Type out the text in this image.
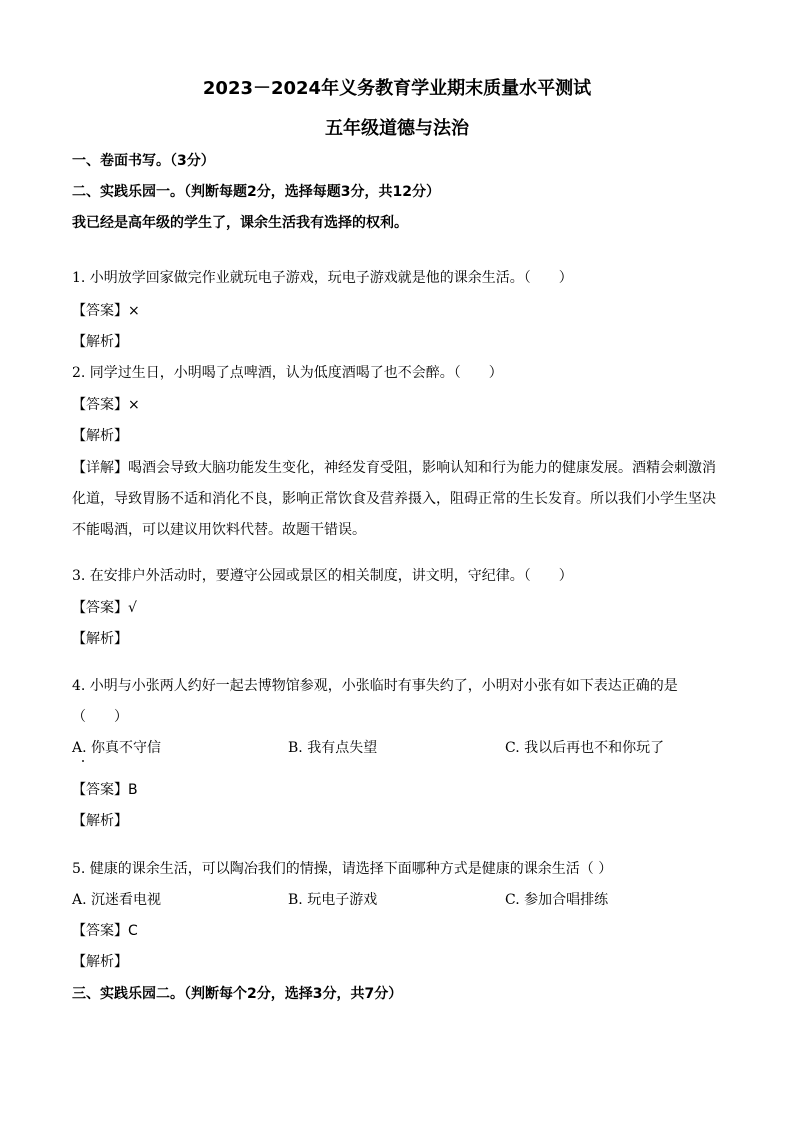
2023－2024年义务教育学业期末质量水平测试
五年级道德与法治
一、卷面书写。（3分）
二、实践乐园一。（判断每题2分，选择每题3分，共12分）
我已经是高年级的学生了，课余生活我有选择的权利。
1. 小明放学回家做完作业就玩电子游戏，玩电子游戏就是他的课余生活。（　　）
【答案】×
【解析】
2. 同学过生日，小明喝了点啤酒，认为低度酒喝了也不会醉。（　　）
【答案】×
【解析】
【详解】喝酒会导致大脑功能发生变化，神经发育受阻，影响认知和行为能力的健康发展。酒精会刺激消
化道，导致胃肠不适和消化不良，影响正常饮食及营养摄入，阻碍正常的生长发育。所以我们小学生坚决
不能喝酒，可以建议用饮料代替。故题干错误。
3. 在安排户外活动时，要遵守公园或景区的相关制度，讲文明，守纪律。（　　）
【答案】√
【解析】
4. 小明与小张两人约好一起去博物馆参观，小张临时有事失约了，小明对小张有如下表达正确的是
（　　）
A. 你真不守信	B. 我有点失望	C. 我以后再也不和你玩了
【答案】B
【解析】
5. 健康的课余生活，可以陶冶我们的情操，请选择下面哪种方式是健康的课余生活（ ）
A. 沉迷看电视	B. 玩电子游戏	C. 参加合唱排练
【答案】C
【解析】
三、实践乐园二。（判断每个2分，选择3分，共7分）
